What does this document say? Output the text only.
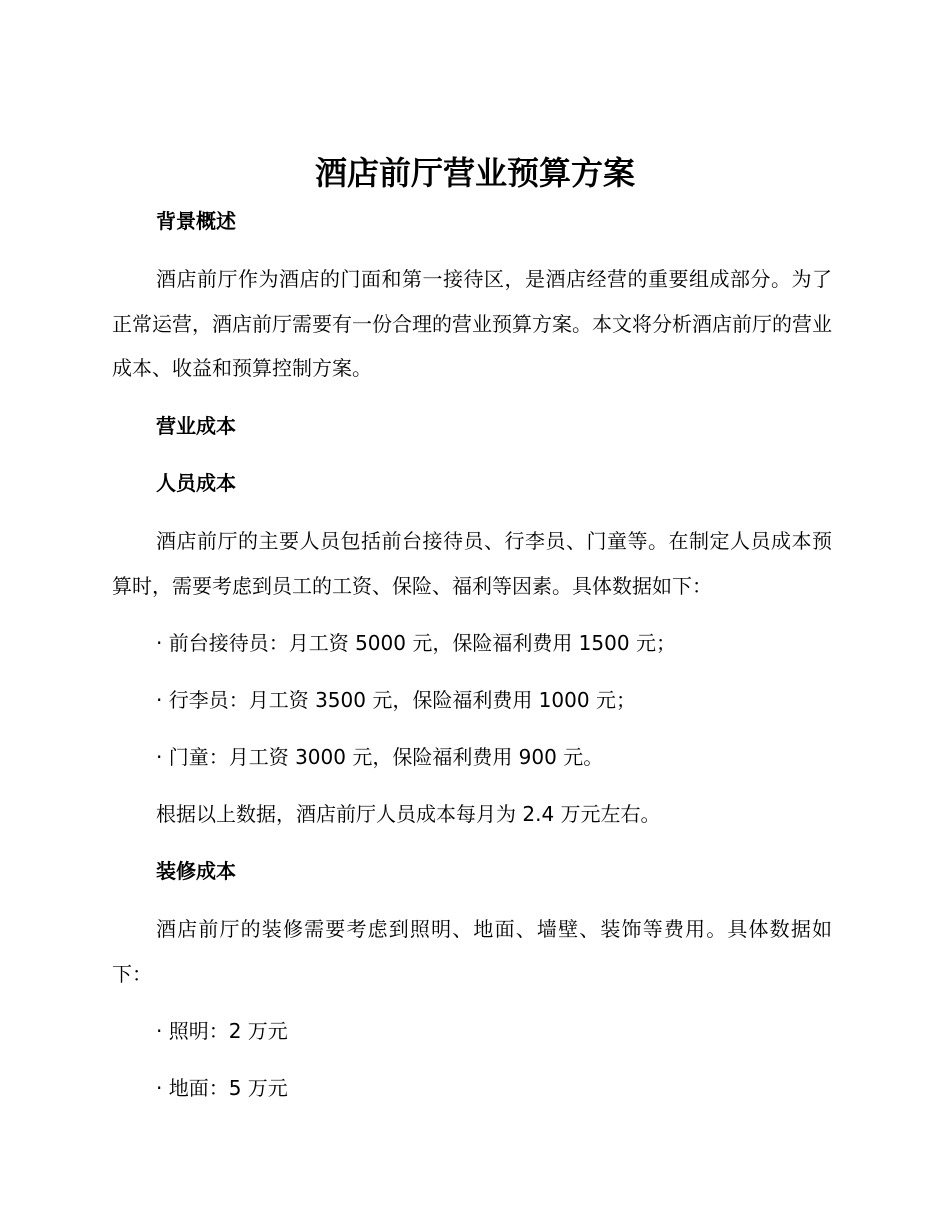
酒店前厅营业预算方案
背景概述
酒店前厅作为酒店的门面和第一接待区，是酒店经营的重要组成部分。为了正常运营，酒店前厅需要有一份合理的营业预算方案。本文将分析酒店前厅的营业成本、收益和预算控制方案。
营业成本
人员成本
酒店前厅的主要人员包括前台接待员、行李员、门童等。在制定人员成本预算时，需要考虑到员工的工资、保险、福利等因素。具体数据如下：
· 前台接待员：月工资 5000 元，保险福利费用 1500 元；
· 行李员：月工资 3500 元，保险福利费用 1000 元；
· 门童：月工资 3000 元，保险福利费用 900 元。
根据以上数据，酒店前厅人员成本每月为 2.4 万元左右。
装修成本
酒店前厅的装修需要考虑到照明、地面、墙壁、装饰等费用。具体数据如下：
· 照明：2 万元
· 地面：5 万元
